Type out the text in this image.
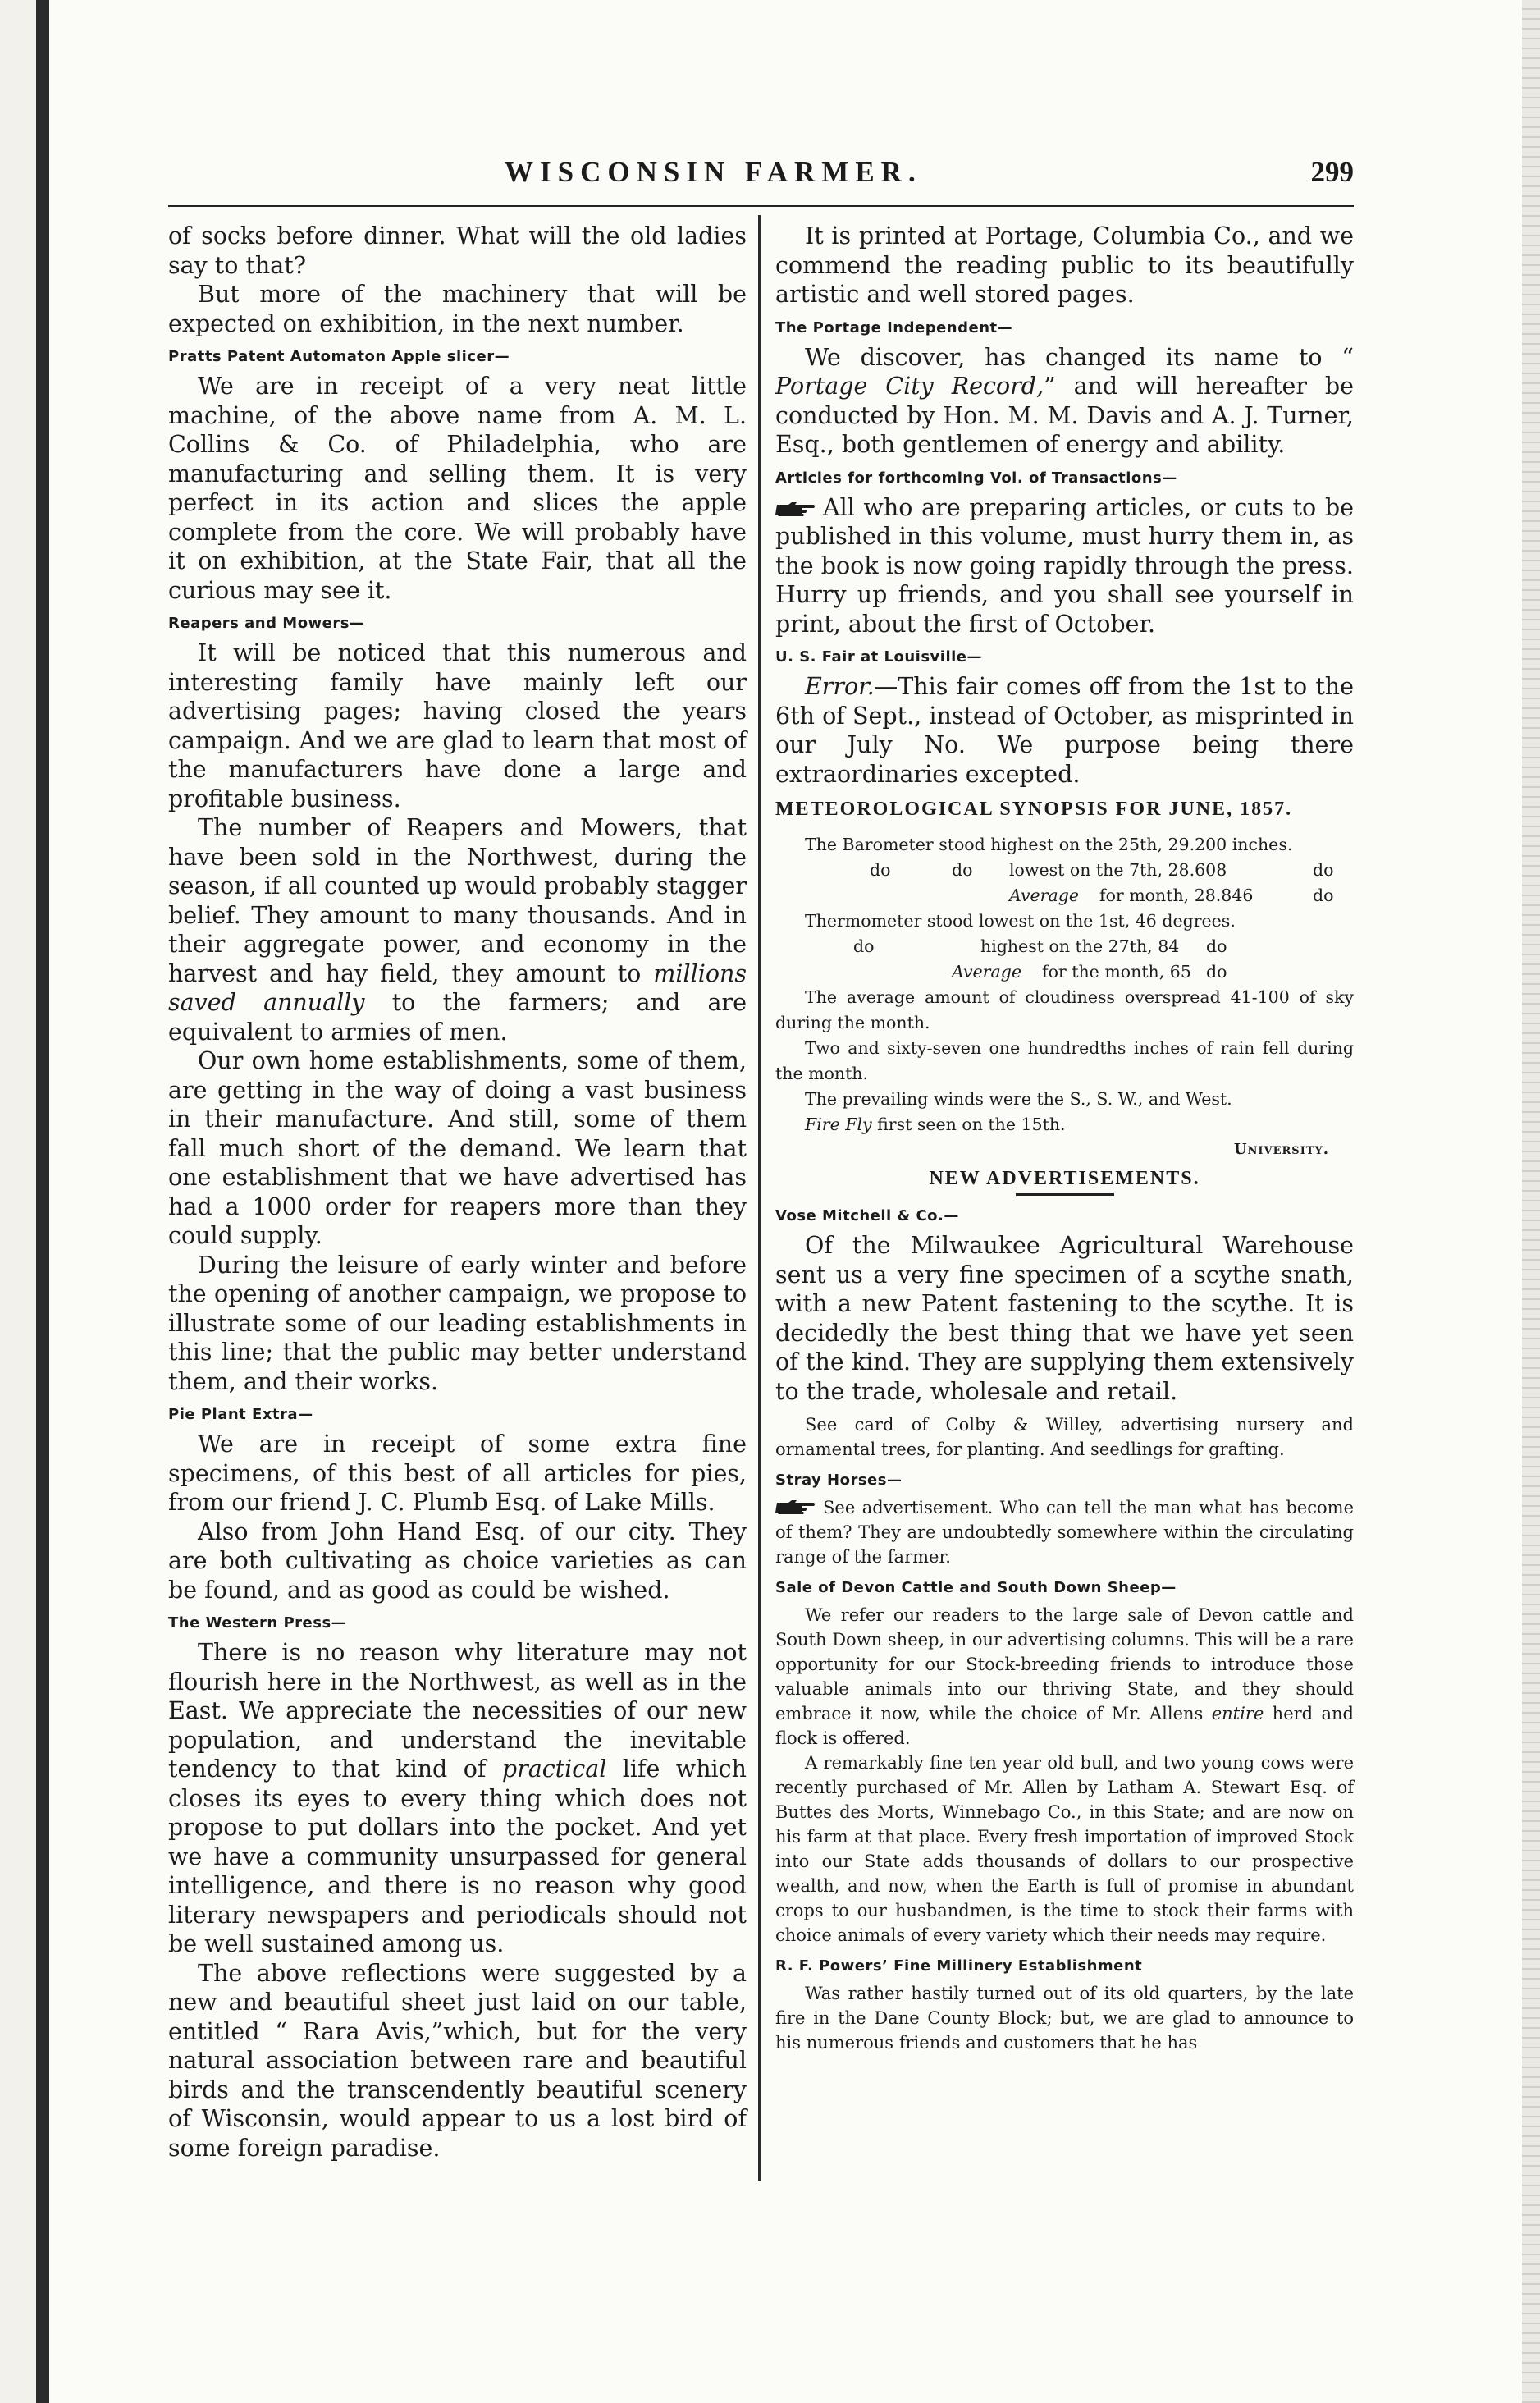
WISCONSIN FARMER.	299

of socks before dinner. What will the old ladies say to that?

But more of the machinery that will be expected on exhibition, in the next number.

Pratts Patent Automaton Apple slicer—

We are in receipt of a very neat little machine, of the above name from A. M. L. Collins & Co. of Philadelphia, who are manufacturing and selling them. It is very perfect in its action and slices the apple complete from the core. We will probably have it on exhibition, at the State Fair, that all the curious may see it.

Reapers and Mowers—

It will be noticed that this numerous and interesting family have mainly left our advertising pages; having closed the years campaign. And we are glad to learn that most of the manufacturers have done a large and profitable business.

The number of Reapers and Mowers, that have been sold in the Northwest, during the season, if all counted up would probably stagger belief. They amount to many thousands. And in their aggregate power, and economy in the harvest and hay field, they amount to millions saved annually to the farmers; and are equivalent to armies of men.

Our own home establishments, some of them, are getting in the way of doing a vast business in their manufacture. And still, some of them fall much short of the demand. We learn that one establishment that we have advertised has had a 1000 order for reapers more than they could supply.

During the leisure of early winter and before the opening of another campaign, we propose to illustrate some of our leading establishments in this line; that the public may better understand them, and their works.

Pie Plant Extra—

We are in receipt of some extra fine specimens, of this best of all articles for pies, from our friend J. C. Plumb Esq. of Lake Mills.

Also from John Hand Esq. of our city. They are both cultivating as choice varieties as can be found, and as good as could be wished.

The Western Press—

There is no reason why literature may not flourish here in the Northwest, as well as in the East. We appreciate the necessities of our new population, and understand the inevitable tendency to that kind of practical life which closes its eyes to every thing which does not propose to put dollars into the pocket. And yet we have a community unsurpassed for general intelligence, and there is no reason why good literary newspapers and periodicals should not be well sustained among us.

The above reflections were suggested by a new and beautiful sheet just laid on our table, entitled “ Rara Avis,”which, but for the very natural association between rare and beautiful birds and the transcendently beautiful scenery of Wisconsin, would appear to us a lost bird of some foreign paradise.

It is printed at Portage, Columbia Co., and we commend the reading public to its beautifully artistic and well stored pages.

The Portage Independent—

We discover, has changed its name to “ Portage City Record,” and will hereafter be conducted by Hon. M. M. Davis and A. J. Turner, Esq., both gentlemen of energy and ability.

Articles for forthcoming Vol. of Transactions—

All who are preparing articles, or cuts to be published in this volume, must hurry them in, as the book is now going rapidly through the press. Hurry up friends, and you shall see yourself in print, about the first of October.

U. S. Fair at Louisville—

Error.—This fair comes off from the 1st to the 6th of Sept., instead of October, as misprinted in our July No. We purpose being there extraordinaries excepted.

METEOROLOGICAL SYNOPSIS FOR JUNE, 1857.

The Barometer stood highest on the 25th, 29.200 inches.

do	do lowest on the 7th, 28.608	do
Average for month, 28.846	do

Thermometer stood lowest on the 1st, 46 degrees.

do	highest on the 27th, 84 do
Average for the month, 65 do

The average amount of cloudiness overspread 41-100 of sky during the month.

Two and sixty-seven one hundredths inches of rain fell during the month.

The prevailing winds were the S., S. W., and West.

Fire Fly first seen on the 15th.

University.
NEW ADVERTISEMENTS.
Vose Mitchell & Co.—

Of the Milwaukee Agricultural Warehouse sent us a very fine specimen of a scythe snath, with a new Patent fastening to the scythe. It is decidedly the best thing that we have yet seen of the kind. They are supplying them extensively to the trade, wholesale and retail.

See card of Colby & Willey, advertising nursery and ornamental trees, for planting. And seedlings for grafting.

Stray Horses—

See advertisement. Who can tell the man what has become of them? They are undoubtedly somewhere within the circulating range of the farmer.

Sale of Devon Cattle and South Down Sheep—

We refer our readers to the large sale of Devon cattle and South Down sheep, in our advertising columns. This will be a rare opportunity for our Stock-breeding friends to introduce those valuable animals into our thriving State, and they should embrace it now, while the choice of Mr. Allens entire herd and flock is offered.

A remarkably fine ten year old bull, and two young cows were recently purchased of Mr. Allen by Latham A. Stewart Esq. of Buttes des Morts, Winnebago Co., in this State; and are now on his farm at that place. Every fresh importation of improved Stock into our State adds thousands of dollars to our prospective wealth, and now, when the Earth is full of promise in abundant crops to our husbandmen, is the time to stock their farms with choice animals of every variety which their needs may require.

R. F. Powers’ Fine Millinery Establishment

Was rather hastily turned out of its old quarters, by the late fire in the Dane County Block; but, we are glad to announce to his numerous friends and customers that he has
